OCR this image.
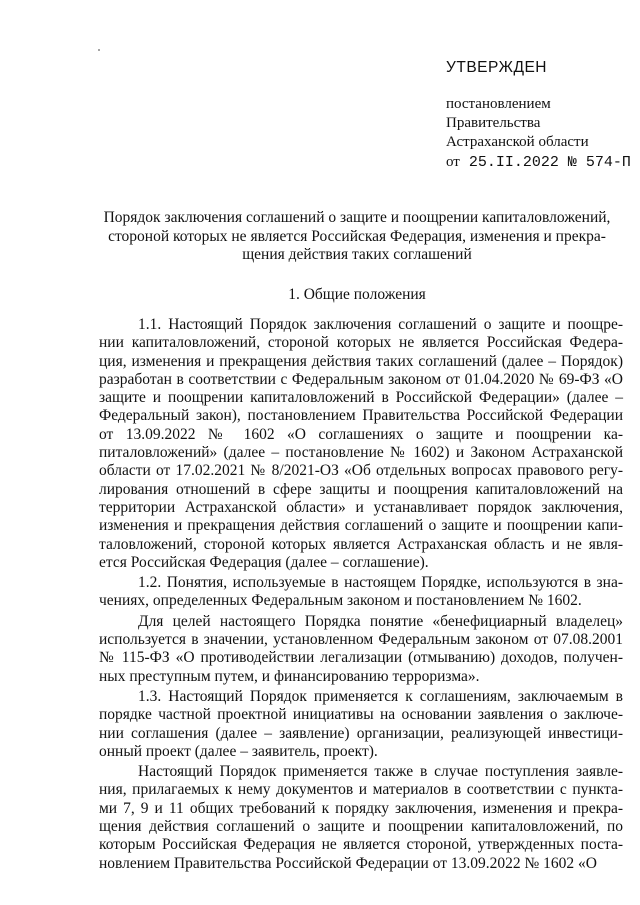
УТВЕРЖДЕН
постановлением
Правительства
Астраханской области
от 25.II.2022 № 574-П
Порядок заключения соглашений о защите и поощрении капиталовложений, стороной которых не является Российская Федерация, изменения и прекра-щения действия таких соглашений
1. Общие положения

1.1. Настоящий Порядок заключения соглашений о защите и поощре-нии капиталовложений, стороной которых не является Российская Федера-ция, изменения и прекращения действия таких соглашений (далее – Порядок) разработан в соответствии с Федеральным законом от 01.04.2020 № 69-ФЗ «О защите и поощрении капиталовложений в Российской Федерации» (далее – Федеральный закон), постановлением Правительства Российской Федерации от 13.09.2022 № 1602 «О соглашениях о защите и поощрении ка-питаловложений» (далее – постановление № 1602) и Законом Астраханской области от 17.02.2021 № 8/2021-ОЗ «Об отдельных вопросах правового регу-лирования отношений в сфере защиты и поощрения капиталовложений на территории Астраханской области» и устанавливает порядок заключения, изменения и прекращения действия соглашений о защите и поощрении капи-таловложений, стороной которых является Астраханская область и не явля-ется Российская Федерация (далее – соглашение).

1.2. Понятия, используемые в настоящем Порядке, используются в зна-чениях, определенных Федеральным законом и постановлением № 1602.

Для целей настоящего Порядка понятие «бенефициарный владелец» используется в значении, установленном Федеральным законом от 07.08.2001 № 115-ФЗ «О противодействии легализации (отмыванию) доходов, получен-ных преступным путем, и финансированию терроризма».

1.3. Настоящий Порядок применяется к соглашениям, заключаемым в порядке частной проектной инициативы на основании заявления о заключе-нии соглашения (далее – заявление) организации, реализующей инвестици-онный проект (далее – заявитель, проект).

Настоящий Порядок применяется также в случае поступления заявле-ния, прилагаемых к нему документов и материалов в соответствии с пункта-ми 7, 9 и 11 общих требований к порядку заключения, изменения и прекра-щения действия соглашений о защите и поощрении капиталовложений, по которым Российская Федерация не является стороной, утвержденных поста-новлением Правительства Российской Федерации от 13.09.2022 № 1602 «О
